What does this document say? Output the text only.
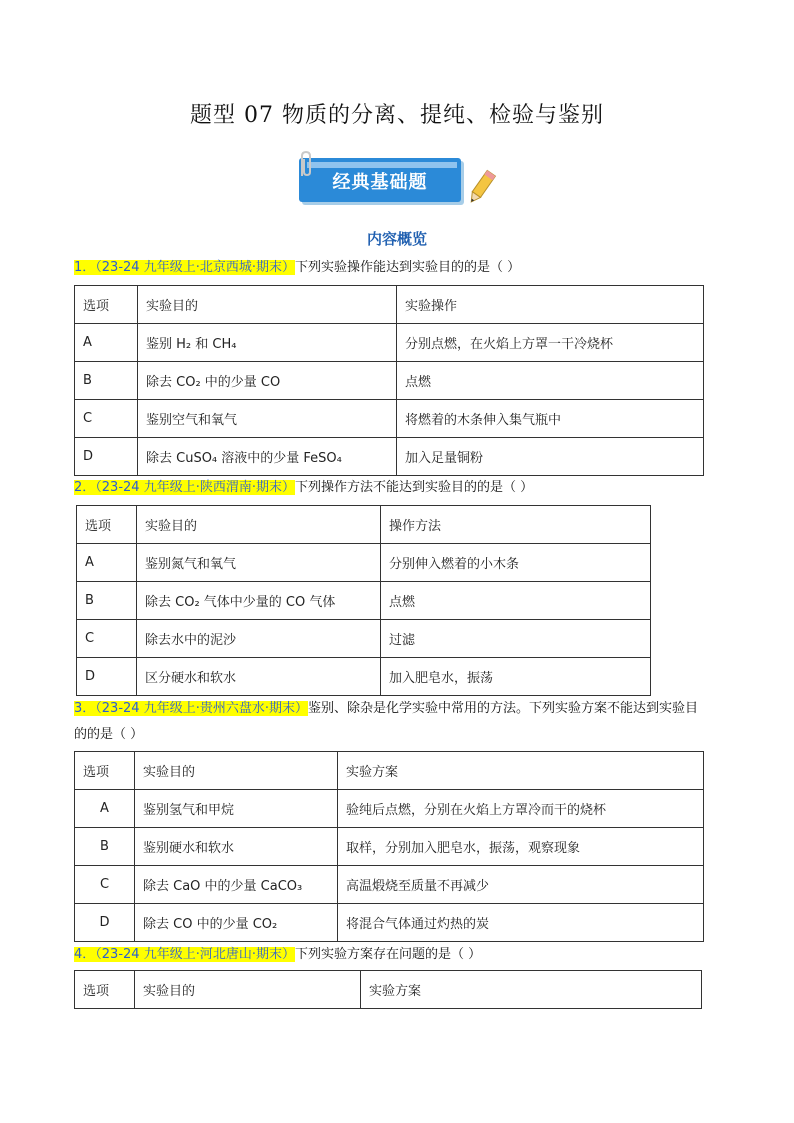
题型 07 物质的分离、提纯、检验与鉴别
经典基础题
内容概览
1．（23-24 九年级上·北京西城·期末）下列实验操作能达到实验目的的是（ ）
选项	实验目的	实验操作
A	鉴别 H₂ 和 CH₄	分别点燃，在火焰上方罩一干冷烧杯
B	除去 CO₂ 中的少量 CO	点燃
C	鉴别空气和氧气	将燃着的木条伸入集气瓶中
D	除去 CuSO₄ 溶液中的少量 FeSO₄	加入足量铜粉
2．（23-24 九年级上·陕西渭南·期末）下列操作方法不能达到实验目的的是（ ）
选项	实验目的	操作方法
A	鉴别氮气和氧气	分别伸入燃着的小木条
B	除去 CO₂ 气体中少量的 CO 气体	点燃
C	除去水中的泥沙	过滤
D	区分硬水和软水	加入肥皂水，振荡
3．（23-24 九年级上·贵州六盘水·期末）鉴别、除杂是化学实验中常用的方法。下列实验方案不能达到实验目
的的是（ ）
选项	实验目的	实验方案
A	鉴别氢气和甲烷	验纯后点燃，分别在火焰上方罩冷而干的烧杯
B	鉴别硬水和软水	取样，分别加入肥皂水，振荡，观察现象
C	除去 CaO 中的少量 CaCO₃	高温煅烧至质量不再减少
D	除去 CO 中的少量 CO₂	将混合气体通过灼热的炭
4．（23-24 九年级上·河北唐山·期末）下列实验方案存在问题的是（ ）
选项	实验目的	实验方案
